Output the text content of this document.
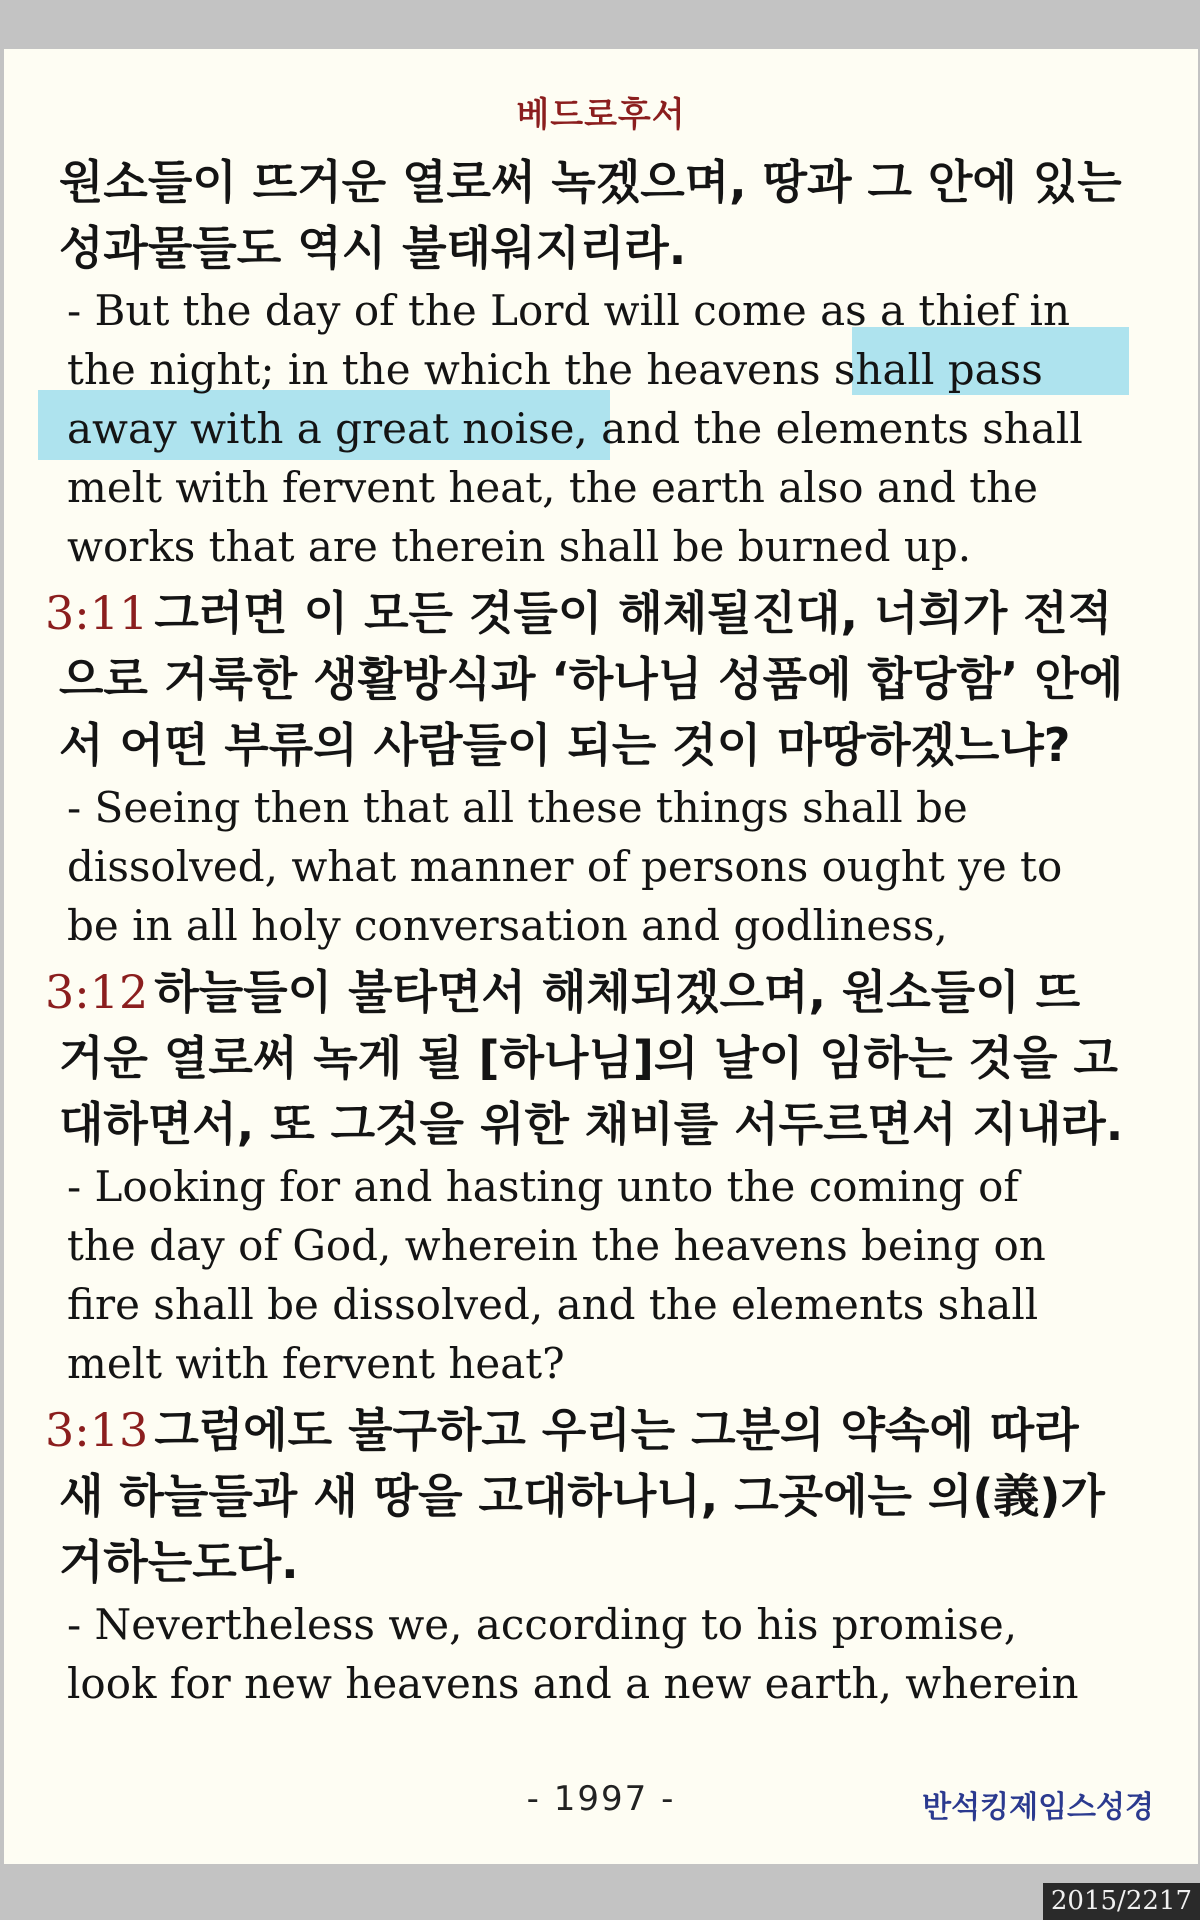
베드로후서

원소들이 뜨거운 열로써 녹겠으며, 땅과 그 안에 있는

성과물들도 역시 불태워지리라.

- But the day of the Lord will come as a thief in

the night; in the which the heavens shall pass

away with a great noise, and the elements shall

melt with fervent heat, the earth also and the

works that are therein shall be burned up.

3:11 그러면 이 모든 것들이 해체될진대, 너희가 전적

으로 거룩한 생활방식과 ‘하나님 성품에 합당함’ 안에

서 어떤 부류의 사람들이 되는 것이 마땅하겠느냐?

- Seeing then that all these things shall be

dissolved, what manner of persons ought ye to

be in all holy conversation and godliness,

3:12 하늘들이 불타면서 해체되겠으며, 원소들이 뜨

거운 열로써 녹게 될 [하나님]의 날이 임하는 것을 고

대하면서, 또 그것을 위한 채비를 서두르면서 지내라.

- Looking for and hasting unto the coming of

the day of God, wherein the heavens being on

fire shall be dissolved, and the elements shall

melt with fervent heat?

3:13 그럼에도 불구하고 우리는 그분의 약속에 따라

새 하늘들과 새 땅을 고대하나니, 그곳에는 의(義)가

거하는도다.

- Nevertheless we, according to his promise,

look for new heavens and a new earth, wherein

- 1997 -	반석킹제임스성경
2015/2217
